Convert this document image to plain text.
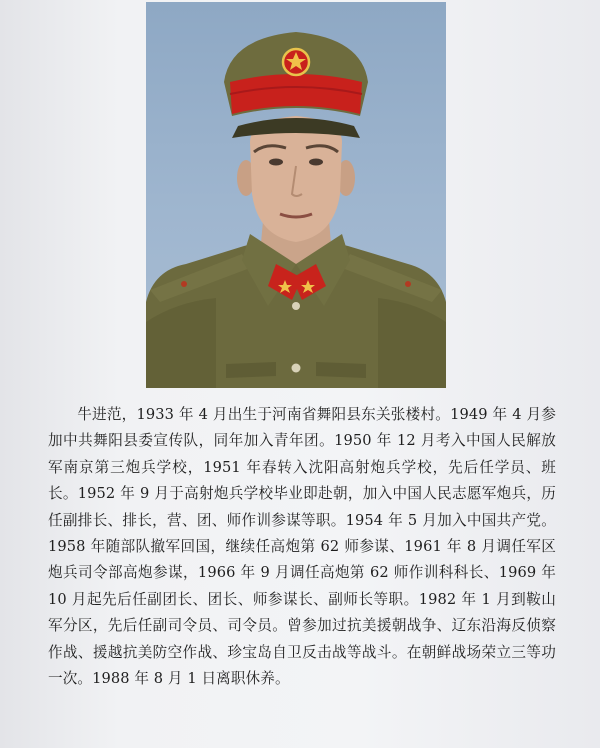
牛进范，1933 年 4 月出生于河南省舞阳县东关张楼村。1949 年 4 月参加中共舞阳县委宣传队，同年加入青年团。1950 年 12 月考入中国人民解放军南京第三炮兵学校，1951 年春转入沈阳高射炮兵学校，先后任学员、班长。1952 年 9 月于高射炮兵学校毕业即赴朝，加入中国人民志愿军炮兵，历任副排长、排长，营、团、师作训参谋等职。1954 年 5 月加入中国共产党。1958 年随部队撤军回国，继续任高炮第 62 师参谋、1961 年 8 月调任军区炮兵司令部高炮参谋，1966 年 9 月调任高炮第 62 师作训科科长、1969 年 10 月起先后任副团长、团长、师参谋长、副师长等职。1982 年 1 月到鞍山军分区，先后任副司令员、司令员。曾参加过抗美援朝战争、辽东沿海反侦察作战、援越抗美防空作战、珍宝岛自卫反击战等战斗。在朝鲜战场荣立三等功一次。1988 年 8 月 1 日离职休养。
